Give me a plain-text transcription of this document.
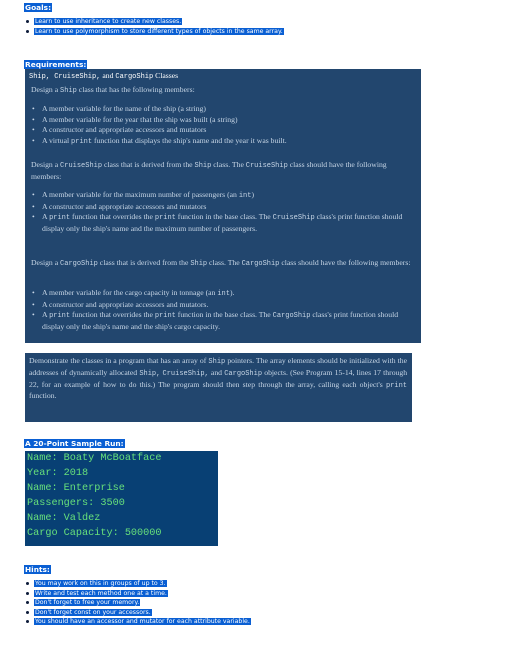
Goals:
Learn to use inheritance to create new classes.
Learn to use polymorphism to store different types of objects in the same array.
Requirements:
Ship, CruiseShip, and CargoShip Classes

Design a Ship class that has the following members:

• A member variable for the name of the ship (a string)
• A member variable for the year that the ship was built (a string)
• A constructor and appropriate accessors and mutators
• A virtual print function that displays the ship's name and the year it was built.

Design a CruiseShip class that is derived from the Ship class. The CruiseShip class should have the following members:

• A member variable for the maximum number of passengers (an int)
• A constructor and appropriate accessors and mutators
• A print function that overrides the print function in the base class. The CruiseShip class's print function should display only the ship's name and the maximum number of passengers.

Design a CargoShip class that is derived from the Ship class. The CargoShip class should have the following members:

• A member variable for the cargo capacity in tonnage (an int).
• A constructor and appropriate accessors and mutators.
• A print function that overrides the print function in the base class. The CargoShip class's print function should display only the ship's name and the ship's cargo capacity.

Demonstrate the classes in a program that has an array of Ship pointers. The array elements should be initialized with the addresses of dynamically allocated Ship, CruiseShip, and CargoShip objects. (See Program 15-14, lines 17 through 22, for an example of how to do this.) The program should then step through the array, calling each object's print function.

A 20-Point Sample Run:
Name: Boaty McBoatface
Year: 2018
Name: Enterprise
Passengers: 3500
Name: Valdez
Cargo Capacity: 500000
Hints:
You may work on this in groups of up to 3.
Write and test each method one at a time.
Don't forget to free your memory.
Don't forget const on your accessors.
You should have an accessor and mutator for each attribute variable.
